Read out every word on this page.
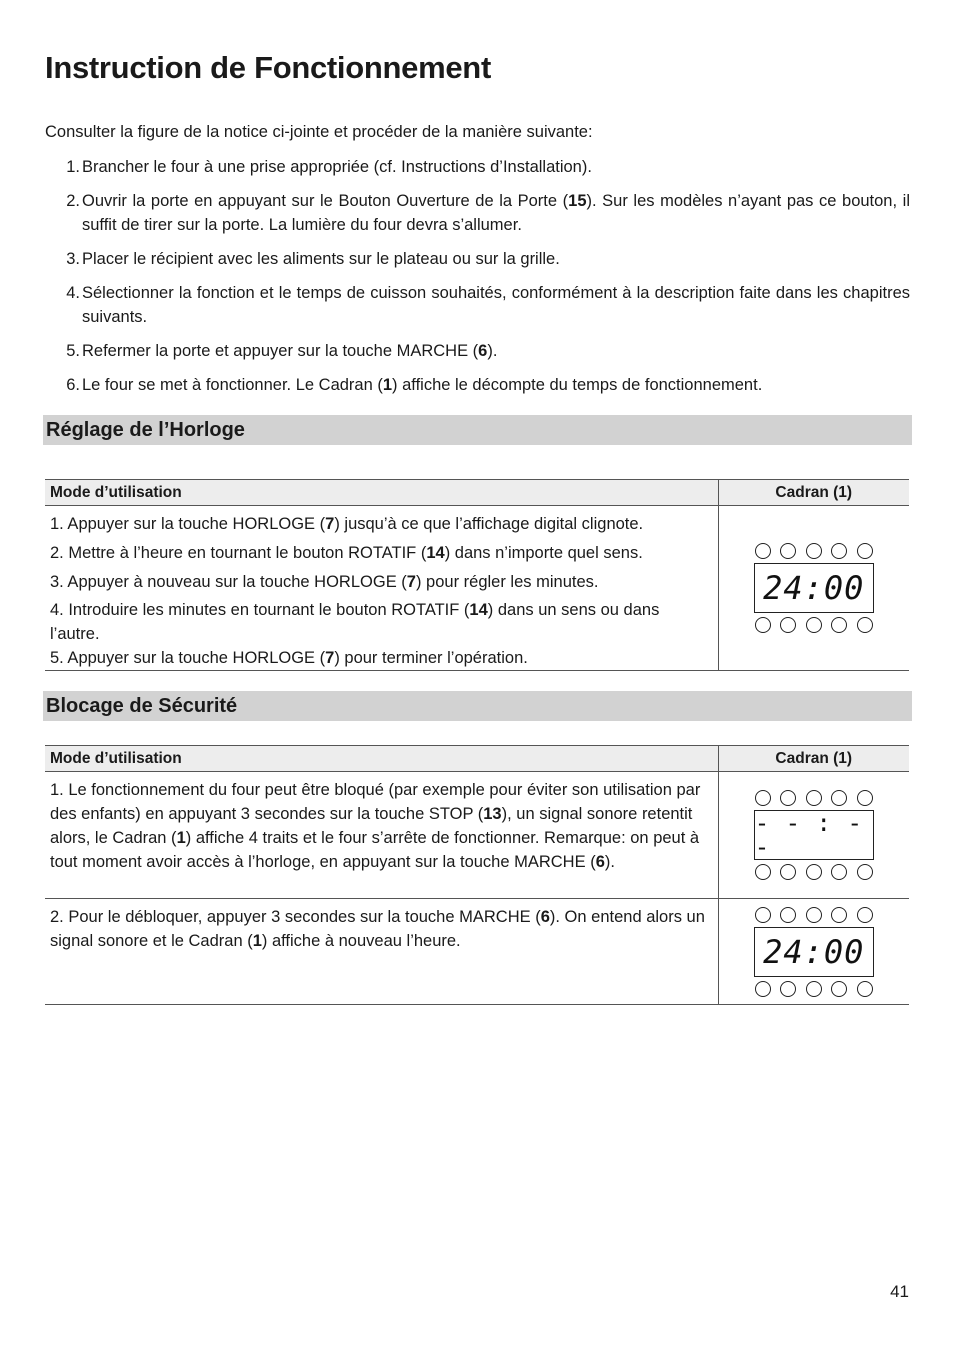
Instruction de Fonctionnement
Consulter la figure de la notice ci-jointe et procéder de la manière suivante:
1. Brancher le four à une prise appropriée (cf. Instructions d’Installation).
2. Ouvrir la porte en appuyant sur le Bouton Ouverture de la Porte (15). Sur les modèles n’ayant pas ce bouton, il suffit de tirer sur la porte. La lumière du four devra s’allumer.
3. Placer le récipient avec les aliments sur le plateau ou sur la grille.
4. Sélectionner la fonction et le temps de cuisson souhaités, conformément à la description faite dans les chapitres suivants.
5. Refermer la porte et appuyer sur la touche MARCHE (6).
6. Le four se met à fonctionner. Le Cadran (1) affiche le décompte du temps de fonctionnement.
Réglage de l’Horloge
Mode d’utilisation	Cadran (1)

1. Appuyer sur la touche HORLOGE (7) jusqu’à ce que l’affichage digital clignote.

2. Mettre à l’heure en tournant le bouton ROTATIF (14) dans n’importe quel sens.

3. Appuyer à nouveau sur la touche HORLOGE (7) pour régler les minutes.

4. Introduire les minutes en tournant le bouton ROTATIF (14) dans un sens ou dans l’autre.

5. Appuyer sur la touche HORLOGE (7) pour terminer l’opération.	24:00
Blocage de Sécurité
Mode d’utilisation	Cadran (1)

1. Le fonctionnement du four peut être bloqué (par exemple pour éviter son utilisation par des enfants) en appuyant 3 secondes sur la touche STOP (13), un signal sonore retentit alors, le Cadran (1) affiche 4 traits et le four s’arrête de fonctionner. Remarque: on peut à tout moment avoir accès à l’horloge, en appuyant sur la touche MARCHE (6).	- - : - -

2. Pour le débloquer, appuyer 3 secondes sur la touche MARCHE (6). On entend alors un signal sonore et le Cadran (1) affiche à nouveau l’heure.	24:00
41
